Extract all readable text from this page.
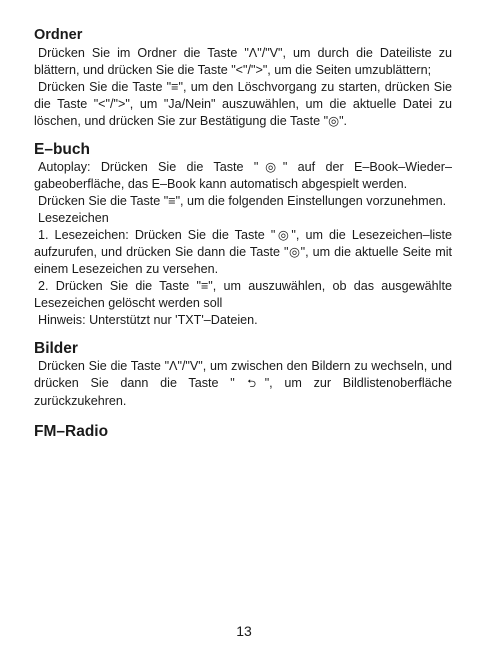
Ordner

Drücken Sie im Ordner die Taste "Λ"/"V", um durch die Dateiliste zu blättern, und drücken Sie die Taste "<"/">", um die Seiten umzublättern;

Drücken Sie die Taste "≡", um den Löschvorgang zu starten, drücken Sie die Taste "<"/">", um "Ja/Nein" auszuwählen, um die aktuelle Datei zu löschen, und drücken Sie zur Bestätigung die Taste "◎".

E–buch

Autoplay: Drücken Sie die Taste "◎" auf der E–Book–Wieder–gabeoberfläche, das E–Book kann automatisch abgespielt werden.

Drücken Sie die Taste "≡", um die folgenden Einstellungen vorzunehmen.

Lesezeichen

1. Lesezeichen: Drücken Sie die Taste "◎", um die Lesezeichen–liste aufzurufen, und drücken Sie dann die Taste "◎", um die aktuelle Seite mit einem Lesezeichen zu versehen.

2. Drücken Sie die Taste "≡", um auszuwählen, ob das ausgewählte Lesezeichen gelöscht werden soll

Hinweis: Unterstützt nur 'TXT'–Dateien.

Bilder

Drücken Sie die Taste "Λ"/"V", um zwischen den Bildern zu wechseln, und drücken Sie dann die Taste " ⮌ ", um zur Bildlistenoberfläche zurückzukehren.

FM–Radio
13
